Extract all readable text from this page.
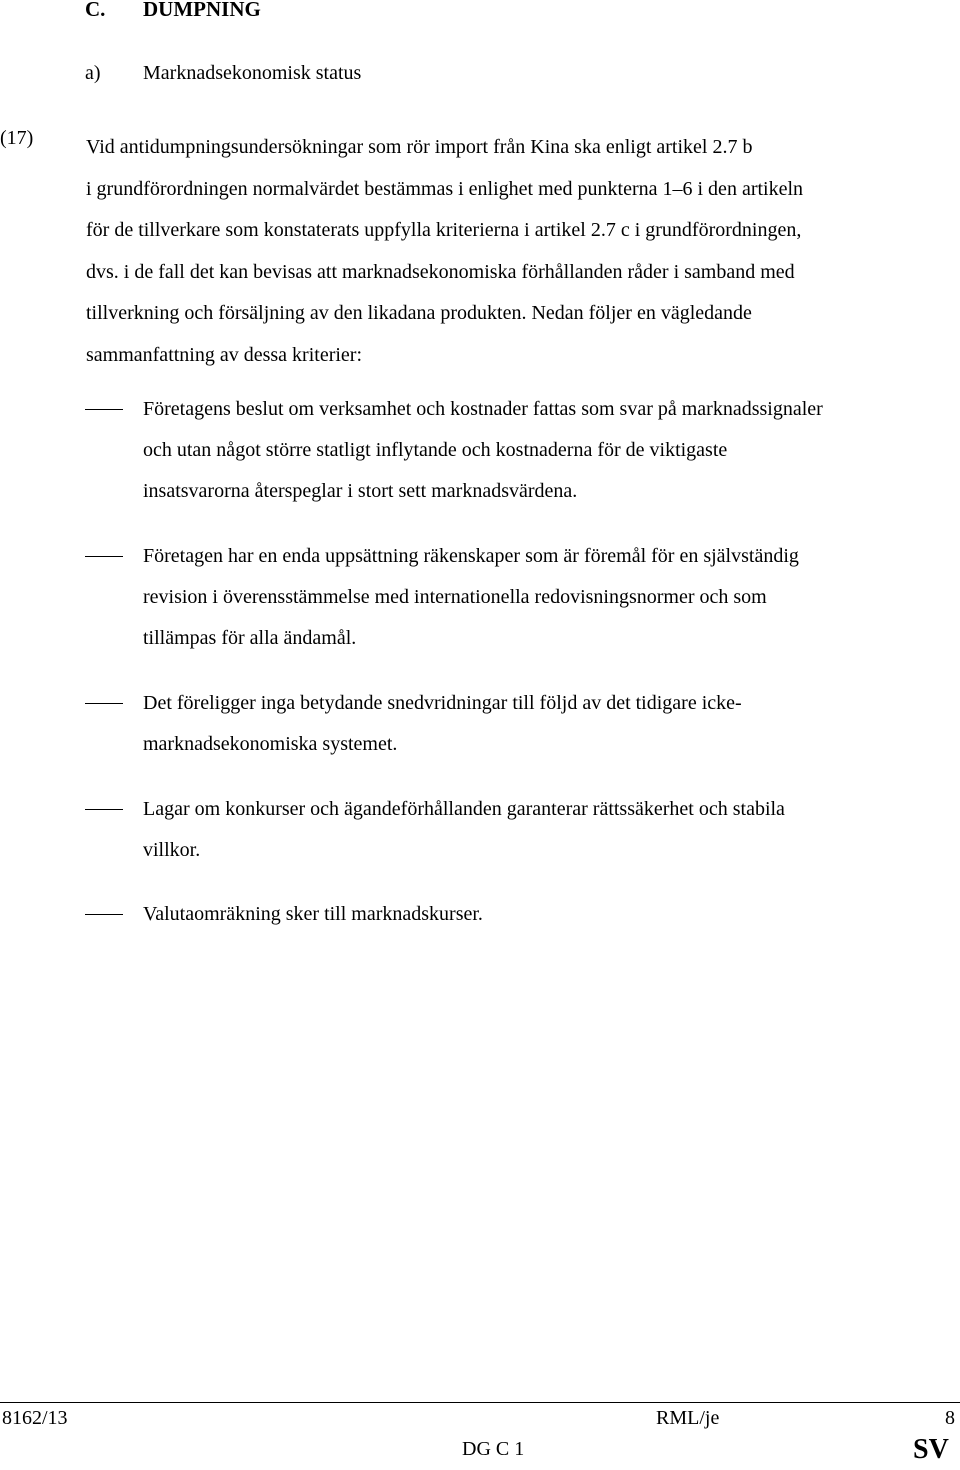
C. DUMPNING
a) Marknadsekonomisk status
(17)	Vid antidumpningsundersökningar som rör import från Kina ska enligt artikel 2.7 b
i grundförordningen normalvärdet bestämmas i enlighet med punkterna 1–6 i den artikeln
för de tillverkare som konstaterats uppfylla kriterierna i artikel 2.7 c i grundförordningen,
dvs. i de fall det kan bevisas att marknadsekonomiska förhållanden råder i samband med
tillverkning och försäljning av den likadana produkten. Nedan följer en vägledande
sammanfattning av dessa kriterier:
Företagens beslut om verksamhet och kostnader fattas som svar på marknadssignaler
och utan något större statligt inflytande och kostnaderna för de viktigaste
insatsvarorna återspeglar i stort sett marknadsvärdena.
Företagen har en enda uppsättning räkenskaper som är föremål för en självständig
revision i överensstämmelse med internationella redovisningsnormer och som
tillämpas för alla ändamål.
Det föreligger inga betydande snedvridningar till följd av det tidigare icke-
marknadsekonomiska systemet.
Lagar om konkurser och ägandeförhållanden garanterar rättssäkerhet och stabila
villkor.
Valutaomräkning sker till marknadskurser.
8162/13	RML/je	8
DG C 1	SV
